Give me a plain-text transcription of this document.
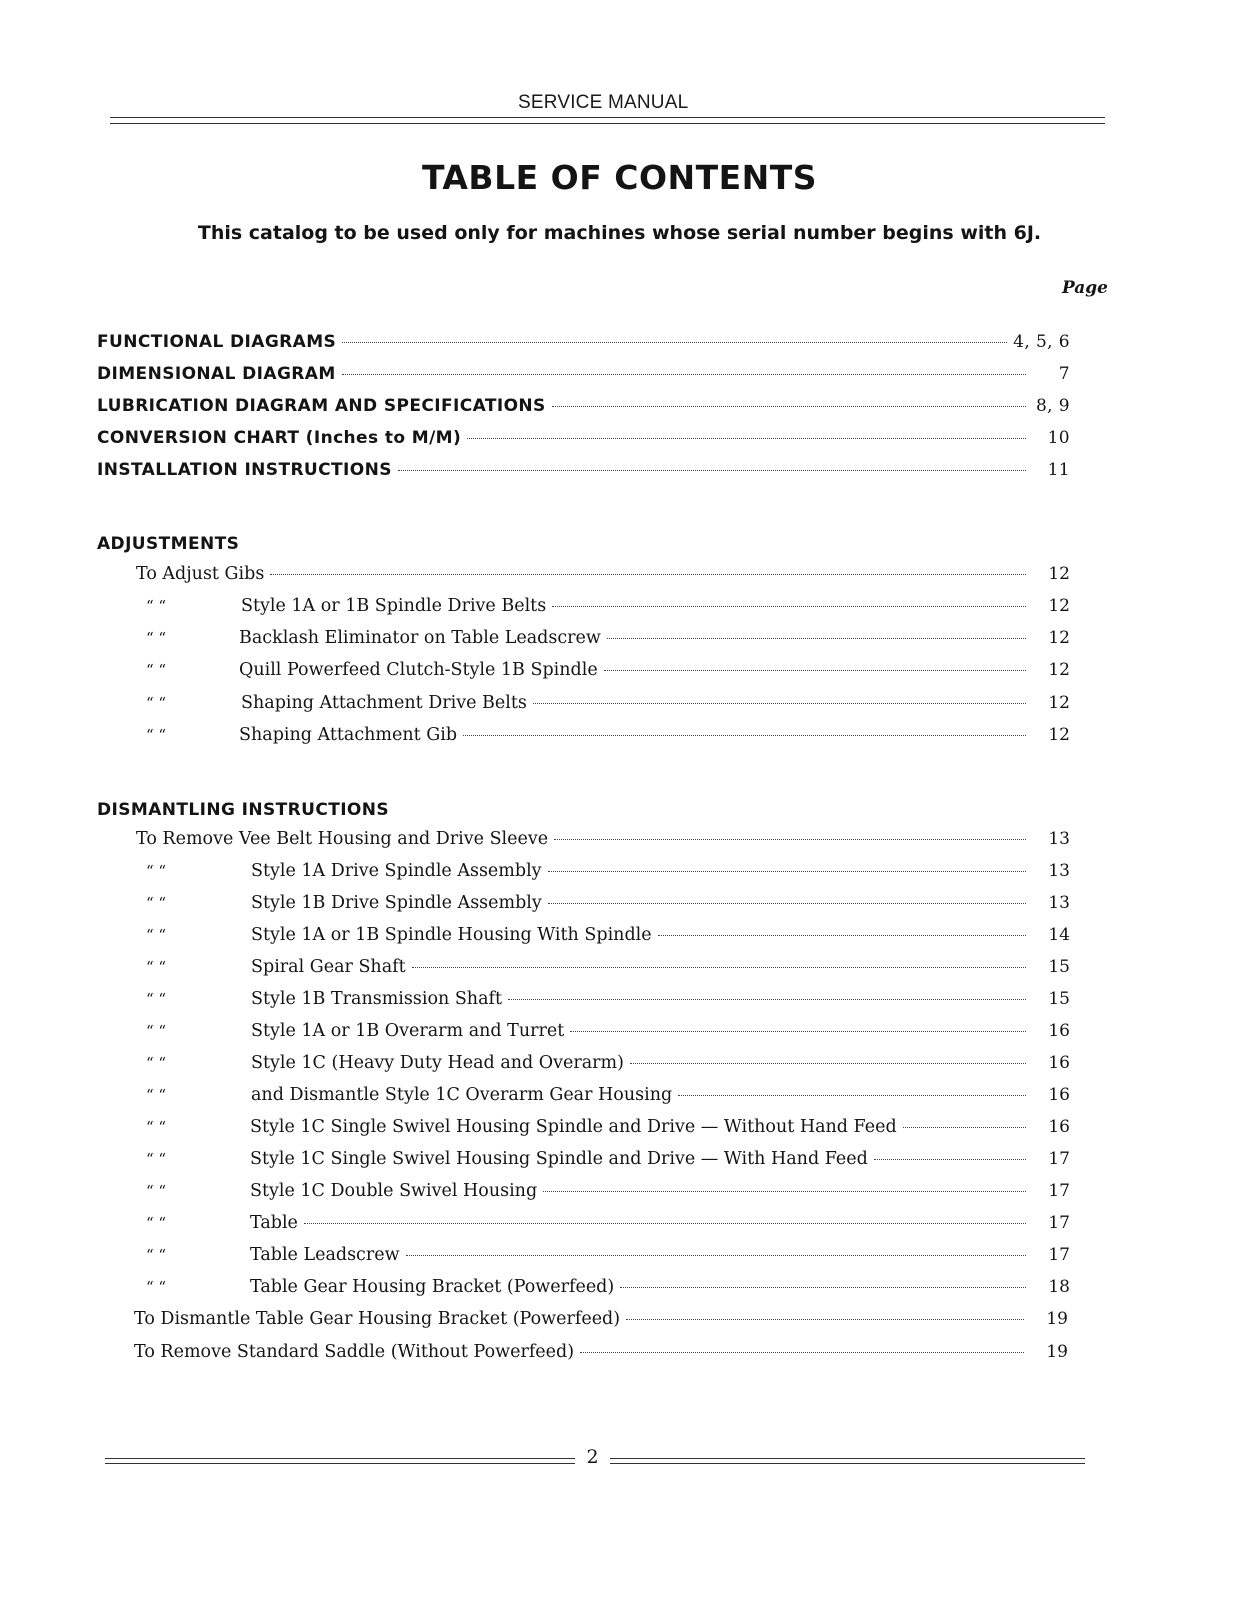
SERVICE MANUAL
TABLE OF CONTENTS
This catalog to be used only for machines whose serial number begins with 6J.
Page
FUNCTIONAL DIAGRAMS	4, 5, 6
DIMENSIONAL DIAGRAM	7
LUBRICATION DIAGRAM AND SPECIFICATIONS	8, 9
CONVERSION CHART (Inches to M/M)	10
INSTALLATION INSTRUCTIONS	11
ADJUSTMENTS
To Adjust Gibs	12
“ “	Style 1A or 1B Spindle Drive Belts	12
“ “	Backlash Eliminator on Table Leadscrew	12
“ “	Quill Powerfeed Clutch-Style 1B Spindle	12
“ “	Shaping Attachment Drive Belts	12
“ “	Shaping Attachment Gib	12
DISMANTLING INSTRUCTIONS
To Remove Vee Belt Housing and Drive Sleeve	13
“ “	Style 1A Drive Spindle Assembly	13
“ “	Style 1B Drive Spindle Assembly	13
“ “	Style 1A or 1B Spindle Housing With Spindle	14
“ “	Spiral Gear Shaft	15
“ “	Style 1B Transmission Shaft	15
“ “	Style 1A or 1B Overarm and Turret	16
“ “	Style 1C (Heavy Duty Head and Overarm)	16
“ “	and Dismantle Style 1C Overarm Gear Housing	16
“ “	Style 1C Single Swivel Housing Spindle and Drive — Without Hand Feed	16
“ “	Style 1C Single Swivel Housing Spindle and Drive — With Hand Feed	17
“ “	Style 1C Double Swivel Housing	17
“ “	Table	17
“ “	Table Leadscrew	17
“ “	Table Gear Housing Bracket (Powerfeed)	18
To Dismantle Table Gear Housing Bracket (Powerfeed)	19
To Remove Standard Saddle (Without Powerfeed)	19
2
